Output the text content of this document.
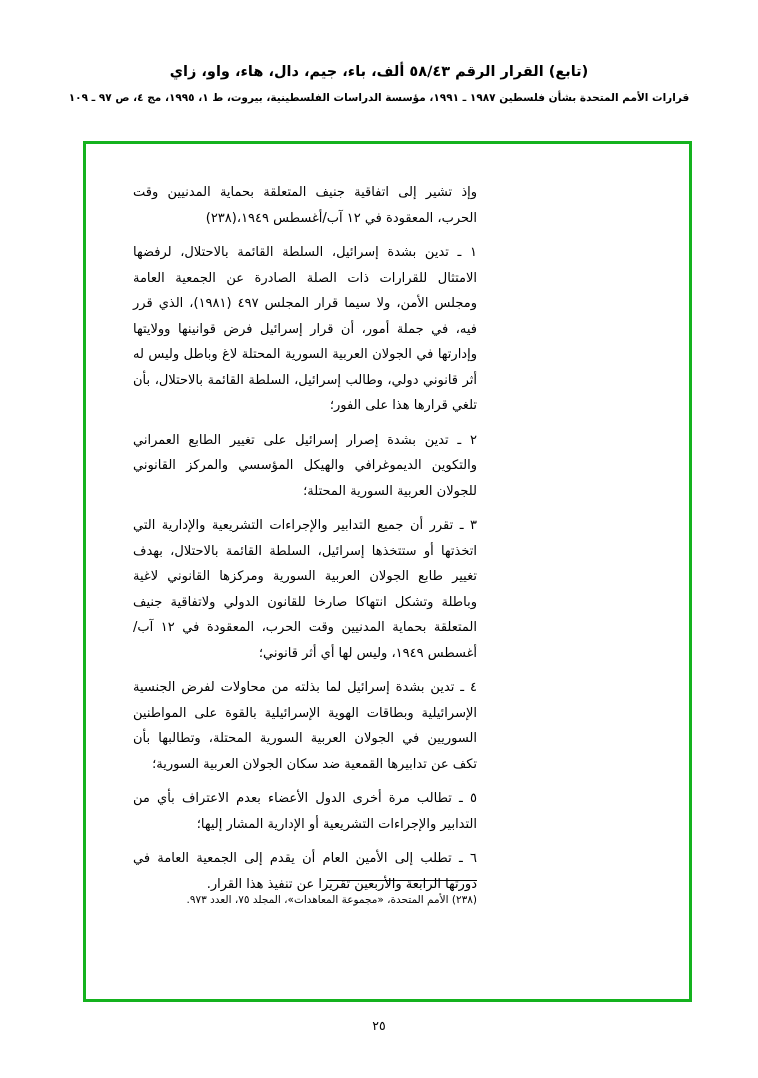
(تابع) القرار الرقم ٥٨/٤٣ ألف، باء، جيم، دال، هاء، واو، زاي
قرارات الأمم المتحدة بشأن فلسطين ١٩٨٧ ـ ١٩٩١، مؤسسة الدراسات الفلسطينية، بيروت، ط ١، ١٩٩٥، مج ٤، ص ٩٧ ـ ١٠٩

وإذ تشير إلى اتفاقية جنيف المتعلقة بحماية المدنيين وقت الحرب، المعقودة في ١٢ آب/أغسطس ١٩٤٩،(٢٣٨)

١ ـ تدين بشدة إسرائيل، السلطة القائمة بالاحتلال، لرفضها الامتثال للقرارات ذات الصلة الصادرة عن الجمعية العامة ومجلس الأمن، ولا سيما قرار المجلس ٤٩٧ (١٩٨١)، الذي قرر فيه، في جملة أمور، أن قرار إسرائيل فرض قوانينها وولايتها وإدارتها في الجولان العربية السورية المحتلة لاغ وباطل وليس له أثر قانوني دولي، وطالب إسرائيل، السلطة القائمة بالاحتلال، بأن تلغي قرارها هذا على الفور؛

٢ ـ تدين بشدة إصرار إسرائيل على تغيير الطابع العمراني والتكوين الديموغرافي والهيكل المؤسسي والمركز القانوني للجولان العربية السورية المحتلة؛

٣ ـ تقرر أن جميع التدابير والإجراءات التشريعية والإدارية التي اتخذتها أو ستتخذها إسرائيل، السلطة القائمة بالاحتلال، بهدف تغيير طابع الجولان العربية السورية ومركزها القانوني لاغية وباطلة وتشكل انتهاكا صارخا للقانون الدولي ولاتفاقية جنيف المتعلقة بحماية المدنيين وقت الحرب، المعقودة في ١٢ آب/أغسطس ١٩٤٩، وليس لها أي أثر قانوني؛

٤ ـ تدين بشدة إسرائيل لما بذلته من محاولات لفرض الجنسية الإسرائيلية وبطاقات الهوية الإسرائيلية بالقوة على المواطنين السوريين في الجولان العربية السورية المحتلة، وتطالبها بأن تكف عن تدابيرها القمعية ضد سكان الجولان العربية السورية؛

٥ ـ تطالب مرة أخرى الدول الأعضاء بعدم الاعتراف بأي من التدابير والإجراءات التشريعية أو الإدارية المشار إليها؛

٦ ـ تطلب إلى الأمين العام أن يقدم إلى الجمعية العامة في دورتها الرابعة والأربعين تقريرا عن تنفيذ هذا القرار.

(٢٣٨) الأمم المتحدة، «مجموعة المعاهدات»، المجلد ٧٥، العدد ٩٧٣.
٢٥
